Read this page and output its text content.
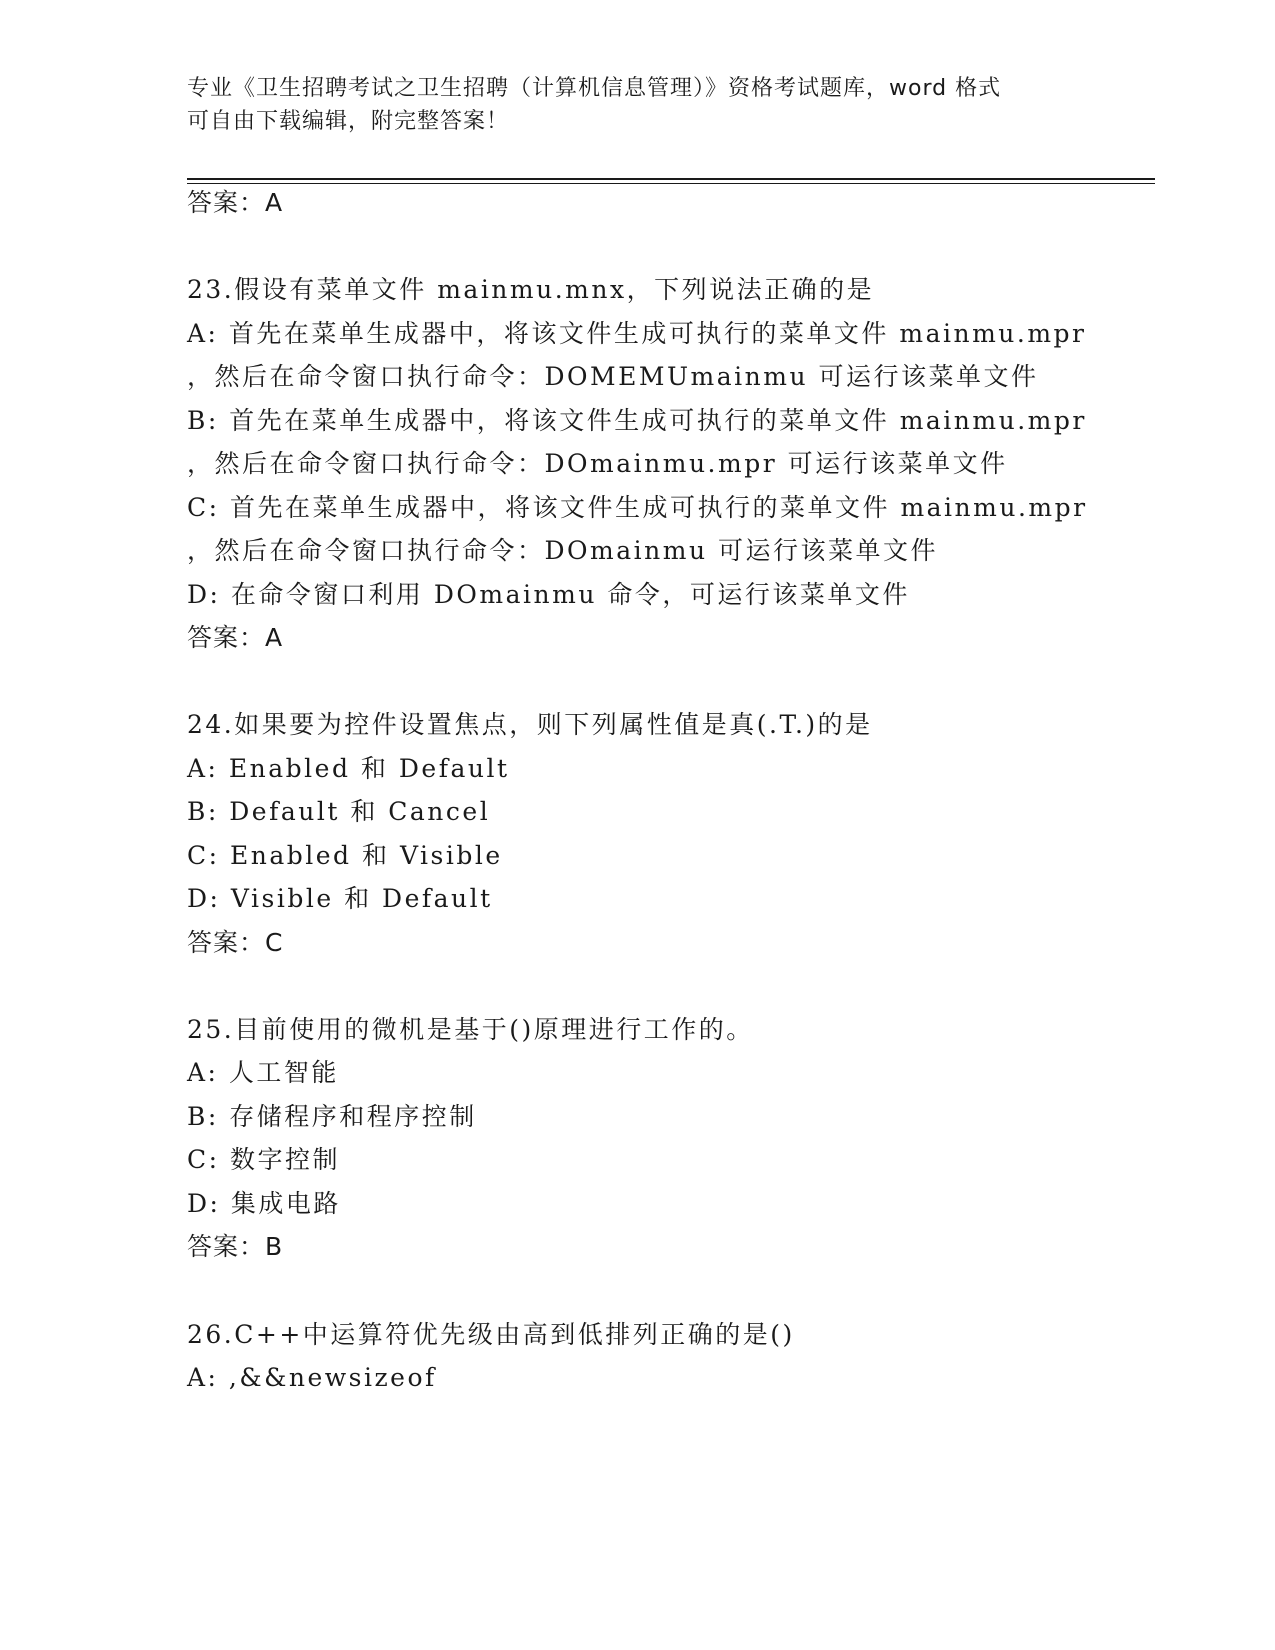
专业《卫生招聘考试之卫生招聘（计算机信息管理）》资格考试题库，word 格式
可自由下载编辑，附完整答案！
答案：A
23.假设有菜单文件 mainmu.mnx，下列说法正确的是
A: 首先在菜单生成器中，将该文件生成可执行的菜单文件 mainmu.mpr
，然后在命令窗口执行命令：DOMEMUmainmu 可运行该菜单文件
B: 首先在菜单生成器中，将该文件生成可执行的菜单文件 mainmu.mpr
，然后在命令窗口执行命令：DOmainmu.mpr 可运行该菜单文件
C: 首先在菜单生成器中，将该文件生成可执行的菜单文件 mainmu.mpr
，然后在命令窗口执行命令：DOmainmu 可运行该菜单文件
D: 在命令窗口利用 DOmainmu 命令，可运行该菜单文件
答案：A
24.如果要为控件设置焦点，则下列属性值是真(.T.)的是
A: Enabled 和 Default
B: Default 和 Cancel
C: Enabled 和 Visible
D: Visible 和 Default
答案：C
25.目前使用的微机是基于()原理进行工作的。
A: 人工智能
B: 存储程序和程序控制
C: 数字控制
D: 集成电路
答案：B
26.C++中运算符优先级由高到低排列正确的是()
A: ,&&newsizeof
